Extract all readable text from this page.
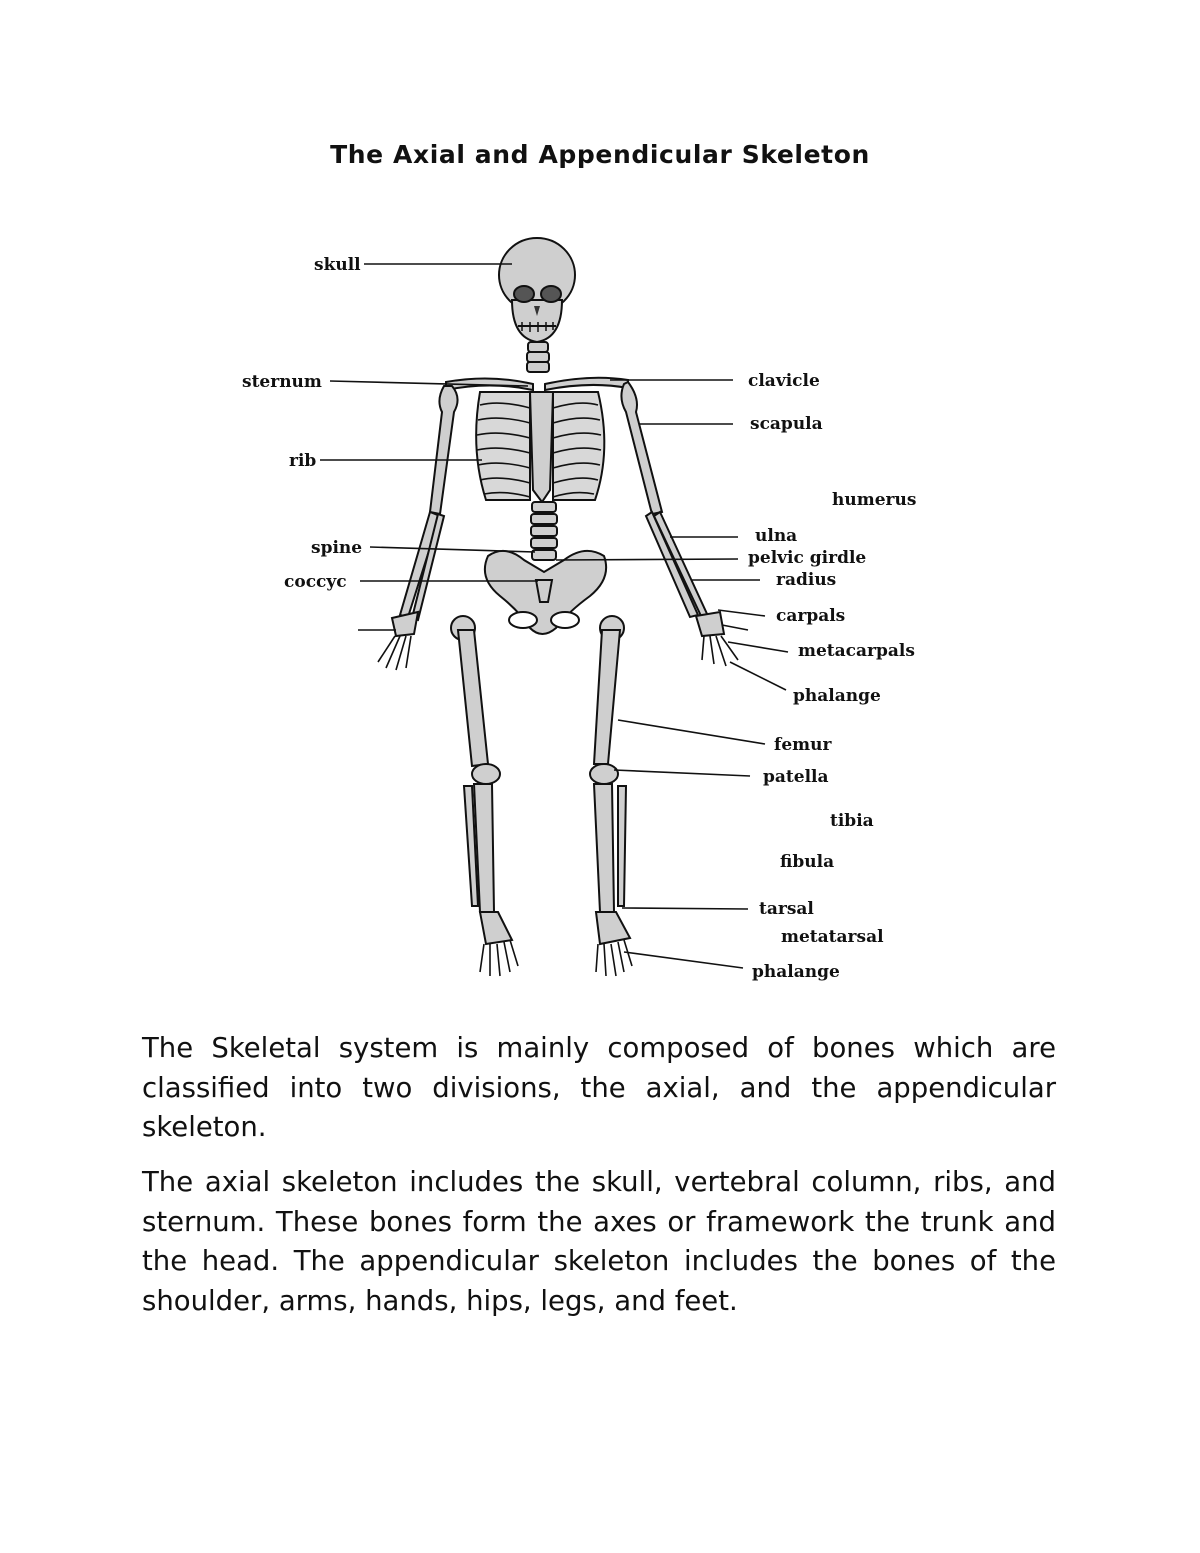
The Axial and Appendicular Skeleton
skull
sternum
rib
spine
coccyc
clavicle
scapula
humerus
ulna
pelvic girdle
radius
carpals
metacarpals
phalange
femur
patella
tibia
fibula
tarsal
metatarsal
phalange

The Skeletal system is mainly composed of bones which are classified into two divisions, the axial, and the appendicular skeleton.

The axial skeleton includes the skull, vertebral column, ribs, and sternum. These bones form the axes or framework the trunk and the head. The appendicular skeleton includes the bones of the shoulder, arms, hands, hips, legs, and feet.
